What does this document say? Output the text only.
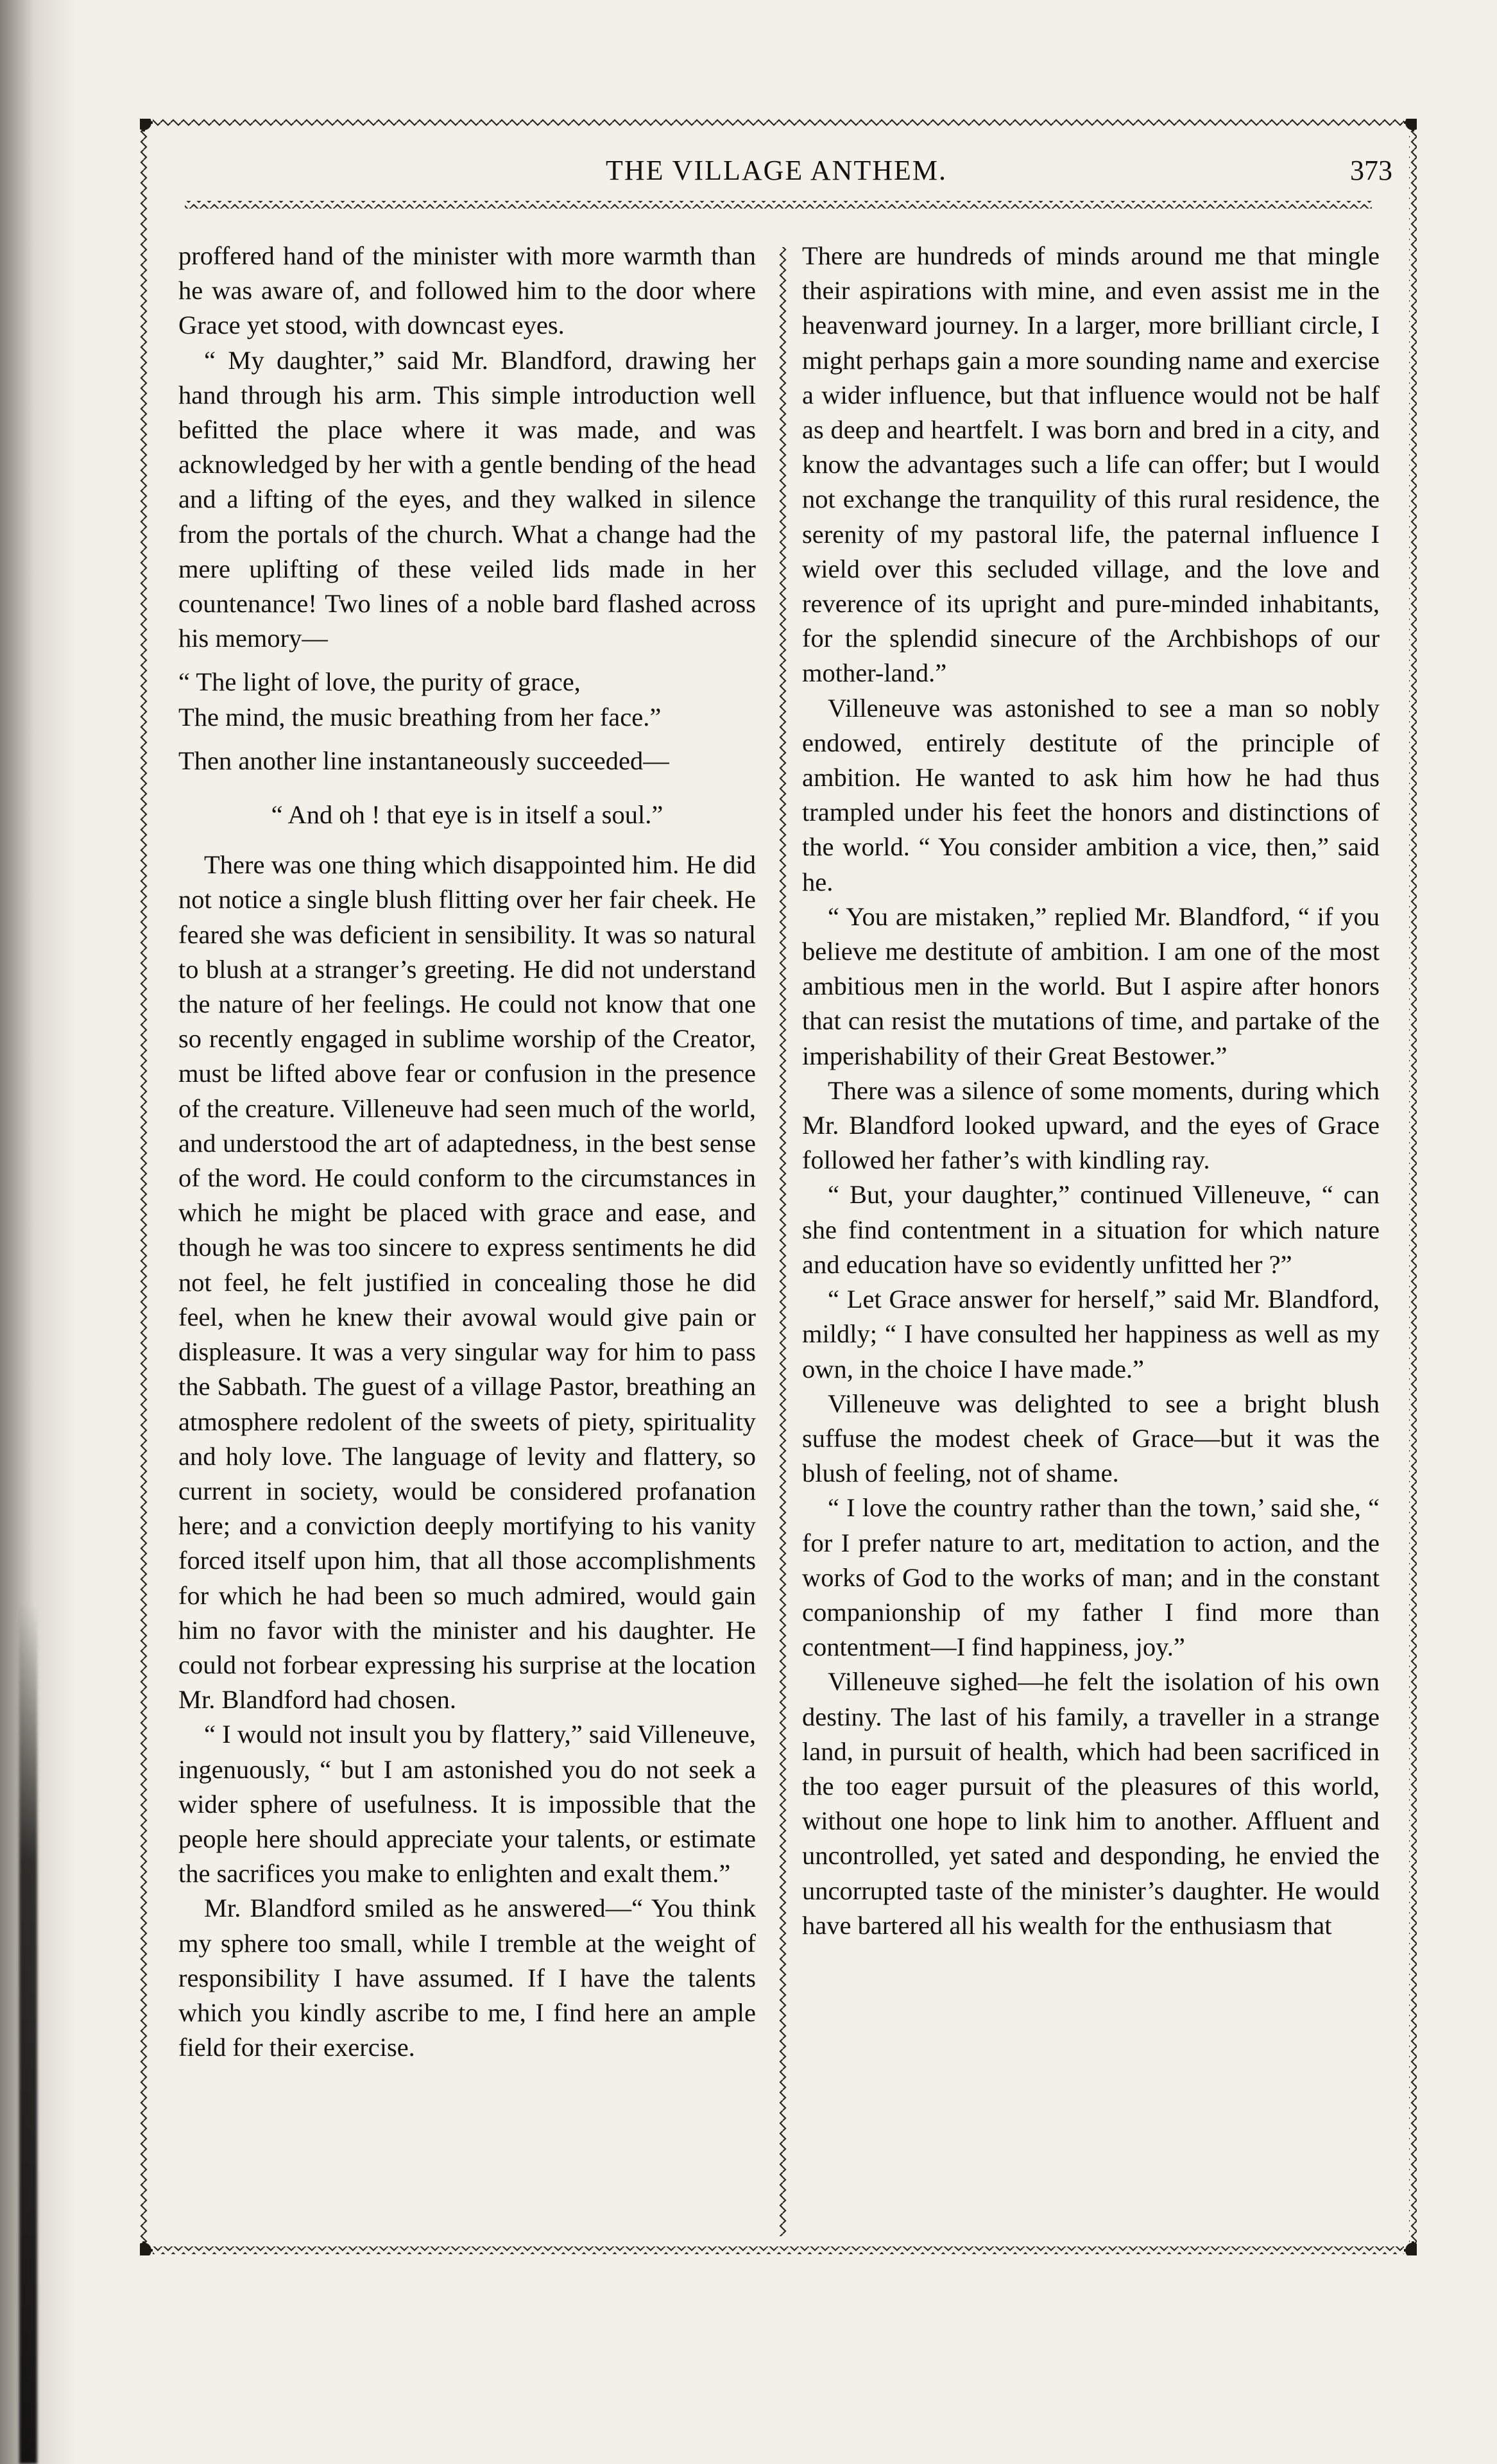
THE VILLAGE ANTHEM.	373

proffered hand of the minister with more warmth than he was aware of, and followed him to the door where Grace yet stood, with downcast eyes.

“ My daughter,” said Mr. Blandford, drawing her hand through his arm. This simple introduction well befitted the place where it was made, and was acknowledged by her with a gentle bending of the head and a lifting of the eyes, and they walked in silence from the portals of the church. What a change had the mere uplifting of these veiled lids made in her countenance! Two lines of a noble bard flashed across his memory—

“ The light of love, the purity of grace,

The mind, the music breathing from her face.”

Then another line instantaneously succeeded—

“ And oh ! that eye is in itself a soul.”

There was one thing which disappointed him. He did not notice a single blush flitting over her fair cheek. He feared she was deficient in sensibility. It was so natural to blush at a stranger’s greeting. He did not understand the nature of her feelings. He could not know that one so recently engaged in sublime worship of the Creator, must be lifted above fear or confusion in the presence of the creature. Villeneuve had seen much of the world, and understood the art of adaptedness, in the best sense of the word. He could conform to the circumstances in which he might be placed with grace and ease, and though he was too sincere to express sentiments he did not feel, he felt justified in concealing those he did feel, when he knew their avowal would give pain or displeasure. It was a very singular way for him to pass the Sabbath. The guest of a village Pastor, breathing an atmosphere redolent of the sweets of piety, spirituality and holy love. The language of levity and flattery, so current in society, would be considered profanation here; and a conviction deeply mortifying to his vanity forced itself upon him, that all those accomplishments for which he had been so much admired, would gain him no favor with the minister and his daughter. He could not forbear expressing his surprise at the location Mr. Blandford had chosen.

“ I would not insult you by flattery,” said Villeneuve, ingenuously, “ but I am astonished you do not seek a wider sphere of usefulness. It is impossible that the people here should appreciate your talents, or estimate the sacrifices you make to enlighten and exalt them.”

Mr. Blandford smiled as he answered—“ You think my sphere too small, while I tremble at the weight of responsibility I have assumed. If I have the talents which you kindly ascribe to me, I find here an ample field for their exercise.

There are hundreds of minds around me that mingle their aspirations with mine, and even assist me in the heavenward journey. In a larger, more brilliant circle, I might perhaps gain a more sounding name and exercise a wider influence, but that influence would not be half as deep and heartfelt. I was born and bred in a city, and know the advantages such a life can offer; but I would not exchange the tranquility of this rural residence, the serenity of my pastoral life, the paternal influence I wield over this secluded village, and the love and reverence of its upright and pure-minded inhabitants, for the splendid sinecure of the Archbishops of our mother-land.”

Villeneuve was astonished to see a man so nobly endowed, entirely destitute of the principle of ambition. He wanted to ask him how he had thus trampled under his feet the honors and distinctions of the world. “ You consider ambition a vice, then,” said he.

“ You are mistaken,” replied Mr. Blandford, “ if you believe me destitute of ambition. I am one of the most ambitious men in the world. But I aspire after honors that can resist the mutations of time, and partake of the imperishability of their Great Bestower.”

There was a silence of some moments, during which Mr. Blandford looked upward, and the eyes of Grace followed her father’s with kindling ray.

“ But, your daughter,” continued Villeneuve, “ can she find contentment in a situation for which nature and education have so evidently unfitted her ?”

“ Let Grace answer for herself,” said Mr. Blandford, mildly; “ I have consulted her happiness as well as my own, in the choice I have made.”

Villeneuve was delighted to see a bright blush suffuse the modest cheek of Grace—but it was the blush of feeling, not of shame.

“ I love the country rather than the town,’ said she, “ for I prefer nature to art, meditation to action, and the works of God to the works of man; and in the constant companionship of my father I find more than contentment—I find happiness, joy.”

Villeneuve sighed—he felt the isolation of his own destiny. The last of his family, a traveller in a strange land, in pursuit of health, which had been sacrificed in the too eager pursuit of the pleasures of this world, without one hope to link him to another. Affluent and uncontrolled, yet sated and desponding, he envied the uncorrupted taste of the minister’s daughter. He would have bartered all his wealth for the enthusiasm that
